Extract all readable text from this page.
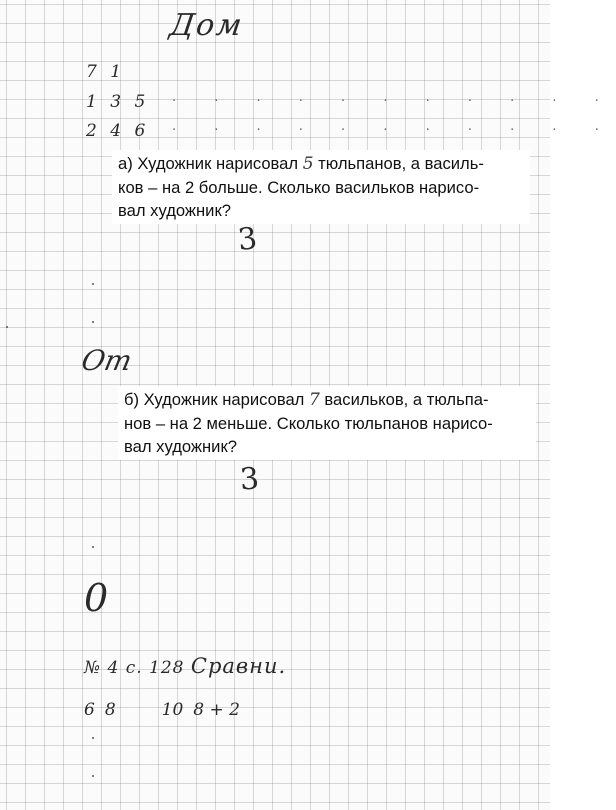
Дом
7 1
1 3 5 · · · · · · · · · · ·
2 4 6 · · · · · · · · · · ·
а) Художник нарисовал 5 тюльпанов, а василь-
ков – на 2 больше. Сколько васильков нарисо-
вал художник?
3
От
б) Художник нарисовал 7 васильков, а тюльпа-
нов – на 2 меньше. Сколько тюльпанов нарисо-
вал художник?
3
0
№ 4 с. 128 Сравни.
6 8	10 8 + 2
